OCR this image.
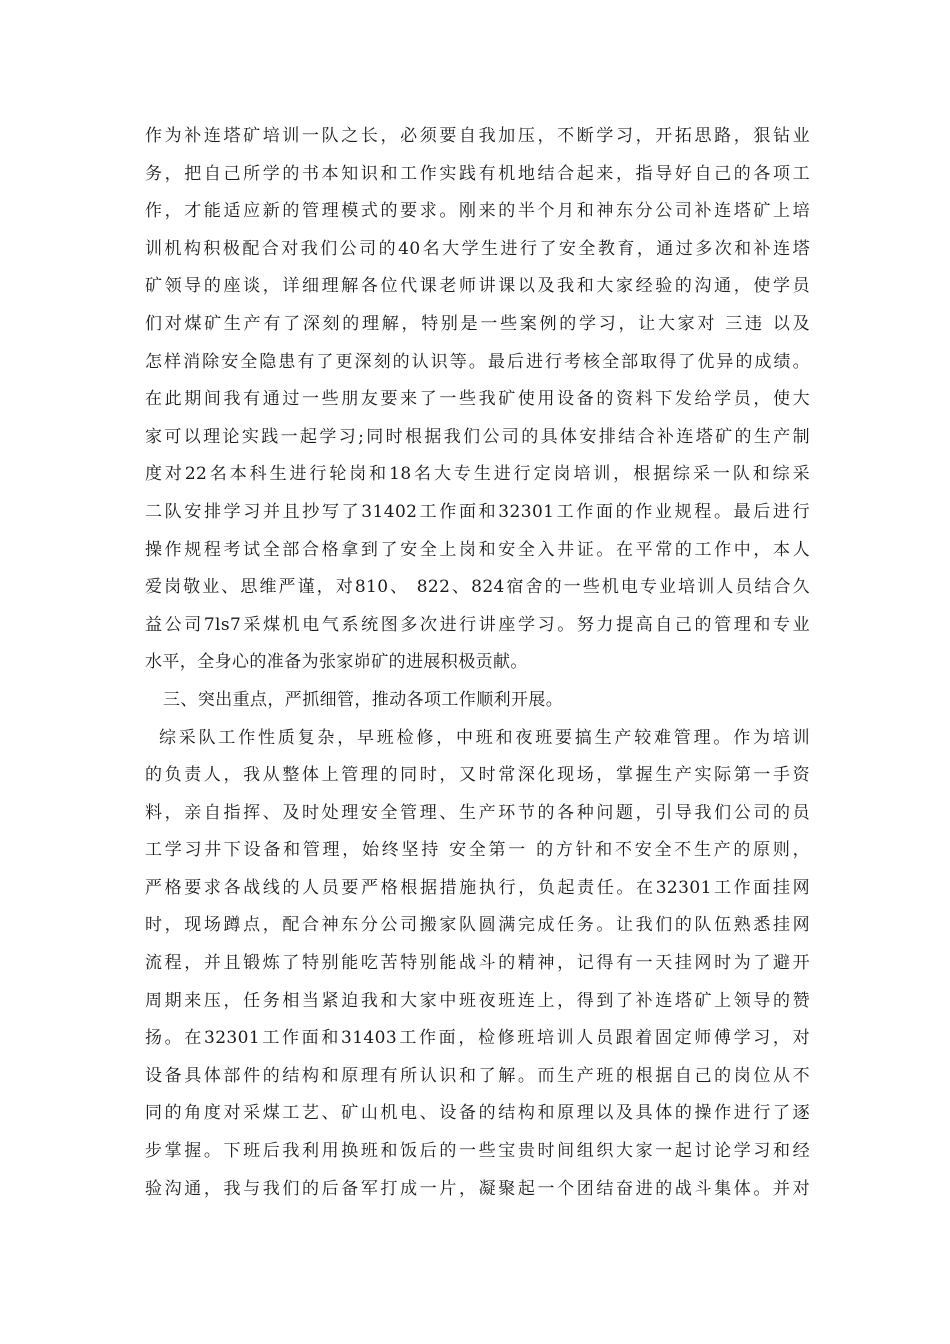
作为补连塔矿培训一队之长，必须要自我加压，不断学习，开拓思路，狠钻业
务，把自己所学的书本知识和工作实践有机地结合起来，指导好自己的各项工
作，才能适应新的管理模式的要求。刚来的半个月和神东分公司补连塔矿上培
训机构积极配合对我们公司的40名大学生进行了安全教育，通过多次和补连塔
矿领导的座谈，详细理解各位代课老师讲课以及我和大家经验的沟通，使学员
们对煤矿生产有了深刻的理解，特别是一些案例的学习，让大家对 三违 以及
怎样消除安全隐患有了更深刻的认识等。最后进行考核全部取得了优异的成绩。
在此期间我有通过一些朋友要来了一些我矿使用设备的资料下发给学员，使大
家可以理论实践一起学习;同时根据我们公司的具体安排结合补连塔矿的生产制
度对22名本科生进行轮岗和18名大专生进行定岗培训，根据综采一队和综采
二队安排学习并且抄写了31402工作面和32301工作面的作业规程。最后进行
操作规程考试全部合格拿到了安全上岗和安全入井证。在平常的工作中，本人
爱岗敬业、思维严谨，对810、 822、824宿舍的一些机电专业培训人员结合久
益公司7ls7采煤机电气系统图多次进行讲座学习。努力提高自己的管理和专业
水平，全身心的准备为张家峁矿的进展积极贡献。
三、突出重点，严抓细管，推动各项工作顺利开展。
综采队工作性质复杂，早班检修，中班和夜班要搞生产较难管理。作为培训
的负责人，我从整体上管理的同时，又时常深化现场，掌握生产实际第一手资
料，亲自指挥、及时处理安全管理、生产环节的各种问题，引导我们公司的员
工学习井下设备和管理，始终坚持 安全第一 的方针和不安全不生产的原则，
严格要求各战线的人员要严格根据措施执行，负起责任。在32301工作面挂网
时，现场蹲点，配合神东分公司搬家队圆满完成任务。让我们的队伍熟悉挂网
流程，并且锻炼了特别能吃苦特别能战斗的精神，记得有一天挂网时为了避开
周期来压，任务相当紧迫我和大家中班夜班连上，得到了补连塔矿上领导的赞
扬。在32301工作面和31403工作面，检修班培训人员跟着固定师傅学习，对
设备具体部件的结构和原理有所认识和了解。而生产班的根据自己的岗位从不
同的角度对采煤工艺、矿山机电、设备的结构和原理以及具体的操作进行了逐
步掌握。下班后我利用换班和饭后的一些宝贵时间组织大家一起讨论学习和经
验沟通，我与我们的后备军打成一片，凝聚起一个团结奋进的战斗集体。并对
